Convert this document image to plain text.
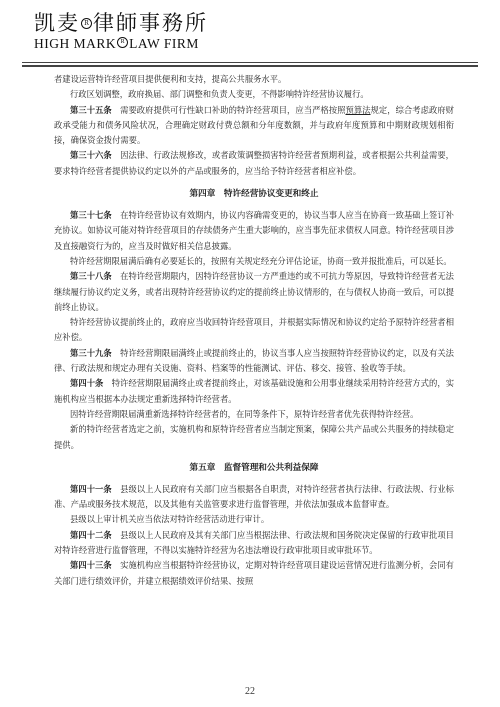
凯麦 R 律師事務所
HIGH MARK R LAW FIRM

者建设运营特许经营项目提供便利和支持，提高公共服务水平。

行政区划调整，政府换届、部门调整和负责人变更，不得影响特许经营协议履行。

第三十五条　需要政府提供可行性缺口补助的特许经营项目，应当严格按照预算法规定，综合考虑政府财政承受能力和债务风险状况，合理确定财政付费总额和分年度数额，并与政府年度预算和中期财政规划相衔接，确保资金拨付需要。

第三十六条　因法律、行政法规修改，或者政策调整损害特许经营者预期利益，或者根据公共利益需要，要求特许经营者提供协议约定以外的产品或服务的，应当给予特许经营者相应补偿。

第四章　特许经营协议变更和终止

第三十七条　在特许经营协议有效期内，协议内容确需变更的，协议当事人应当在协商一致基础上签订补充协议。如协议可能对特许经营项目的存续债务产生重大影响的，应当事先征求债权人同意。特许经营项目涉及直接融资行为的，应当及时做好相关信息披露。

特许经营期限届满后确有必要延长的，按照有关规定经充分评估论证，协商一致并报批准后，可以延长。

第三十八条　在特许经营期限内，因特许经营协议一方严重违约或不可抗力等原因，导致特许经营者无法继续履行协议约定义务，或者出现特许经营协议约定的提前终止协议情形的，在与债权人协商一致后，可以提前终止协议。

特许经营协议提前终止的，政府应当收回特许经营项目，并根据实际情况和协议约定给予原特许经营者相应补偿。

第三十九条　特许经营期限届满终止或提前终止的，协议当事人应当按照特许经营协议约定，以及有关法律、行政法规和规定办理有关设施、资料、档案等的性能测试、评估、移交、接管、验收等手续。

第四十条　特许经营期限届满终止或者提前终止，对该基础设施和公用事业继续采用特许经营方式的，实施机构应当根据本办法规定重新选择特许经营者。

因特许经营期限届满重新选择特许经营者的，在同等条件下，原特许经营者优先获得特许经营。

新的特许经营者选定之前，实施机构和原特许经营者应当制定预案，保障公共产品或公共服务的持续稳定提供。

第五章　监督管理和公共利益保障

第四十一条　县级以上人民政府有关部门应当根据各自职责，对特许经营者执行法律、行政法规、行业标准、产品或服务技术规范，以及其他有关监管要求进行监督管理，并依法加强成本监督审查。

县级以上审计机关应当依法对特许经营活动进行审计。

第四十二条　县级以上人民政府及其有关部门应当根据法律、行政法规和国务院决定保留的行政审批项目对特许经营进行监督管理，不得以实施特许经营为名违法增设行政审批项目或审批环节。

第四十三条　实施机构应当根据特许经营协议，定期对特许经营项目建设运营情况进行监测分析，会同有关部门进行绩效评价，并建立根据绩效评价结果、按照

22
